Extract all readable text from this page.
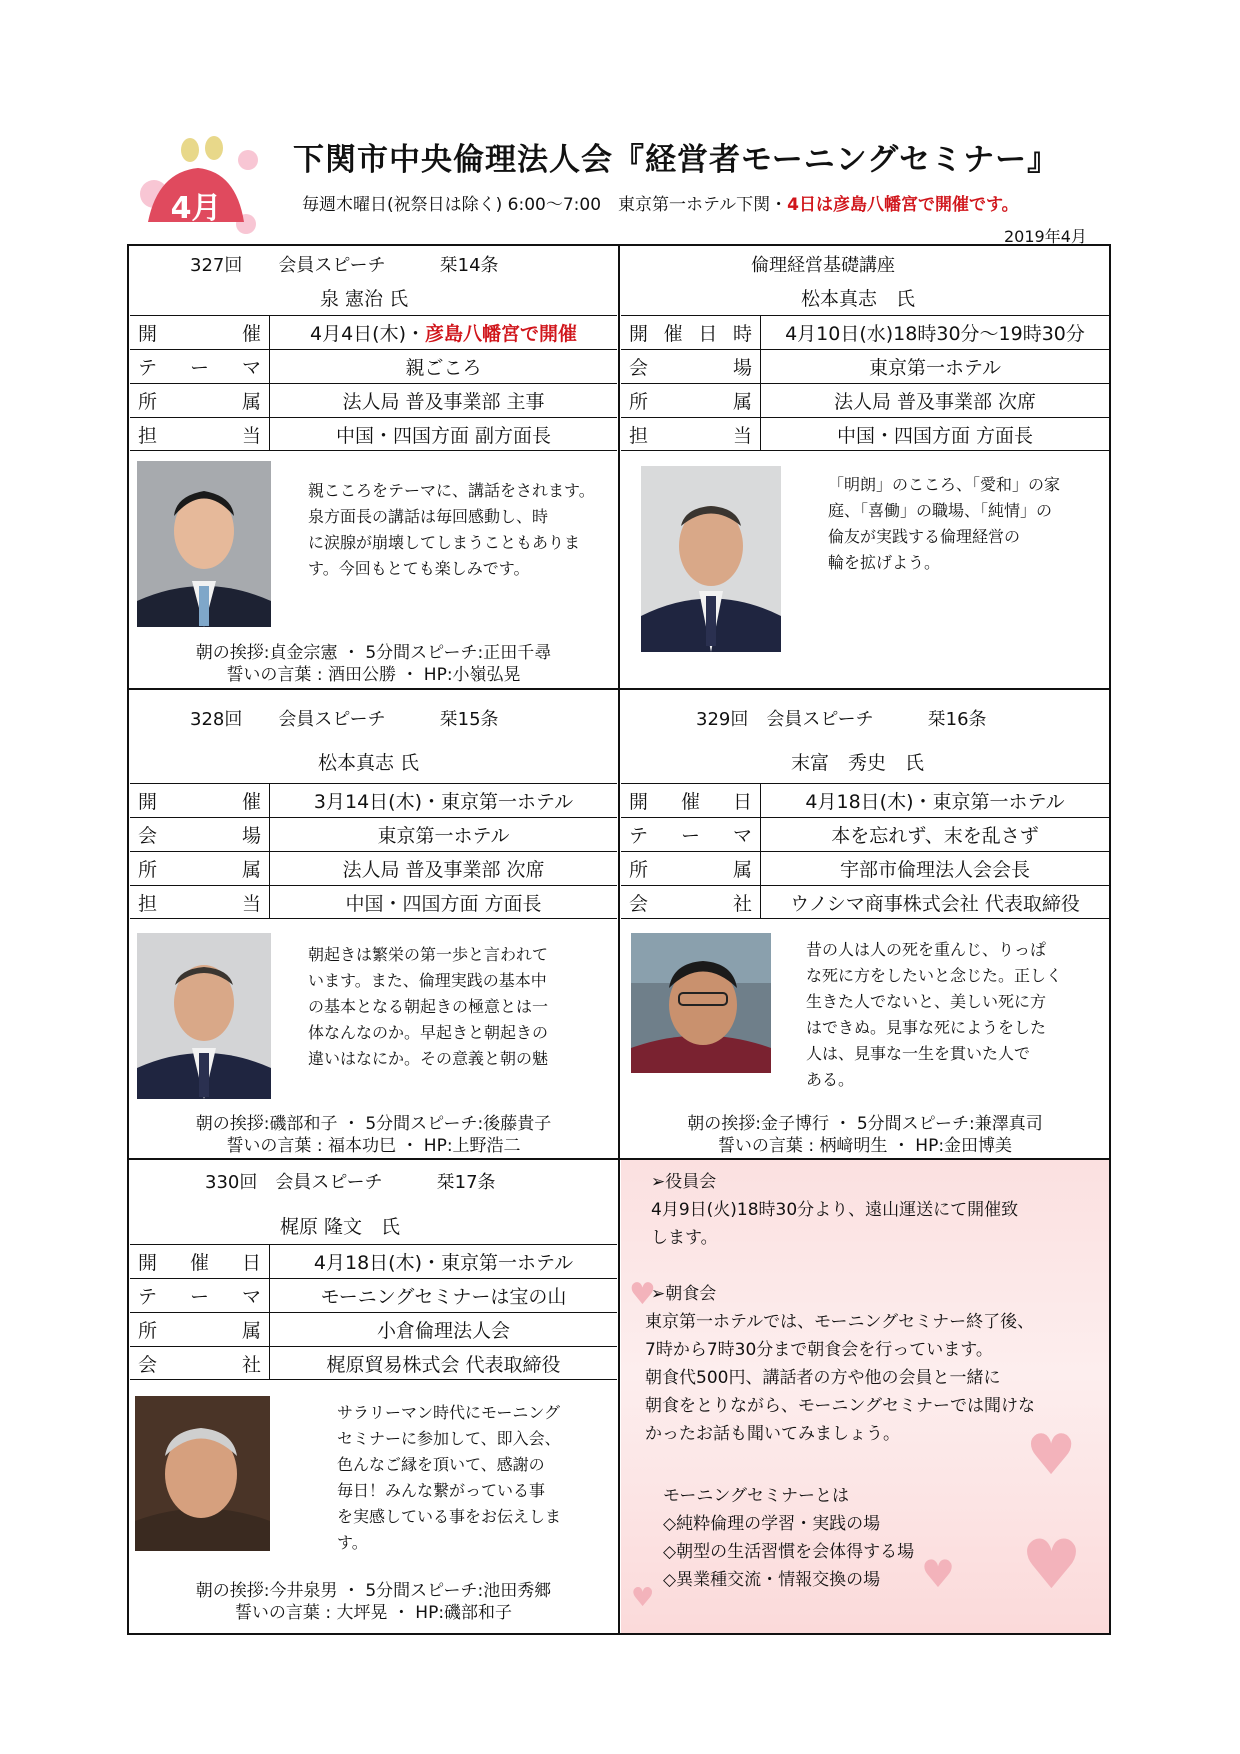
4月
下関市中央倫理法人会『経営者モーニングセミナー』
毎週木曜日(祝祭日は除く) 6:00～7:00　東京第一ホテル下関・4日は彦島八幡宮で開催です。
2019年4月
327回　　会員スピーチ　　　栞14条
泉 憲治 氏
開	催	4月4日(木)・彦島八幡宮で開催
テ ー マ	親ごころ
所	属	法人局 普及事業部 主事
担	当	中国・四国方面 副方面長
親こころをテーマに、講話をされます。
泉方面長の講話は毎回感動し、時
に涙腺が崩壊してしまうこともありま
す。今回もとても楽しみです。
朝の挨拶:貞金宗憲 ・ 5分間スピーチ:正田千尋
誓いの言葉 : 酒田公勝 ・ HP:小嶺弘晃
倫理経営基礎講座
松本真志　氏
開 催 日 時	4月10日(水)18時30分～19時30分
会	場	東京第一ホテル
所	属	法人局 普及事業部 次席
担	当	中国・四国方面 方面長
「明朗」のこころ、「愛和」の家
庭、「喜働」の職場、「純情」の
倫友が実践する倫理経営の
輪を拡げよう。
328回　　会員スピーチ　　　栞15条
松本真志 氏
開	催	3月14日(木)・東京第一ホテル
会	場	東京第一ホテル
所	属	法人局 普及事業部 次席
担	当	中国・四国方面 方面長
朝起きは繁栄の第一歩と言われて
います。また、倫理実践の基本中
の基本となる朝起きの極意とは一
体なんなのか。早起きと朝起きの
違いはなにか。その意義と朝の魅
朝の挨拶:磯部和子 ・ 5分間スピーチ:後藤貴子
誓いの言葉 : 福本功巳 ・ HP:上野浩二
329回　会員スピーチ　　　栞16条
末富　秀史　氏
開 催 日	4月18日(木)・東京第一ホテル
テ ー マ	本を忘れず、末を乱さず
所	属	宇部市倫理法人会会長
会	社	ウノシマ商事株式会社 代表取締役
昔の人は人の死を重んじ、りっぱ
な死に方をしたいと念じた。正しく
生きた人でないと、美しい死に方
はできぬ。見事な死にようをした
人は、見事な一生を貫いた人で
ある。
朝の挨拶:金子博行 ・ 5分間スピーチ:兼澤真司
誓いの言葉 : 柄﨑明生 ・ HP:金田博美
330回　会員スピーチ　　　栞17条
梶原 隆文　氏
開 催 日	4月18日(木)・東京第一ホテル
テ ー マ	モーニングセミナーは宝の山
所	属	小倉倫理法人会
会	社	梶原貿易株式会 代表取締役
サラリーマン時代にモーニング
セミナーに参加して、即入会、
色んなご縁を頂いて、感謝の
毎日！みんな繋がっている事
を実感している事をお伝えしま
す。
朝の挨拶:今井泉男 ・ 5分間スピーチ:池田秀郷
誓いの言葉 : 大坪晃 ・ HP:磯部和子
♥
♥
♥ ♥
♥
➢役員会
4月9日(火)18時30分より、遠山運送にて開催致
します。
➢朝食会
東京第一ホテルでは、モーニングセミナー終了後、
7時から7時30分まで朝食会を行っています。
朝食代500円、講話者の方や他の会員と一緒に
朝食をとりながら、モーニングセミナーでは聞けな
かったお話も聞いてみましょう。
モーニングセミナーとは
◇純粋倫理の学習・実践の場
◇朝型の生活習慣を会体得する場
◇異業種交流・情報交換の場
